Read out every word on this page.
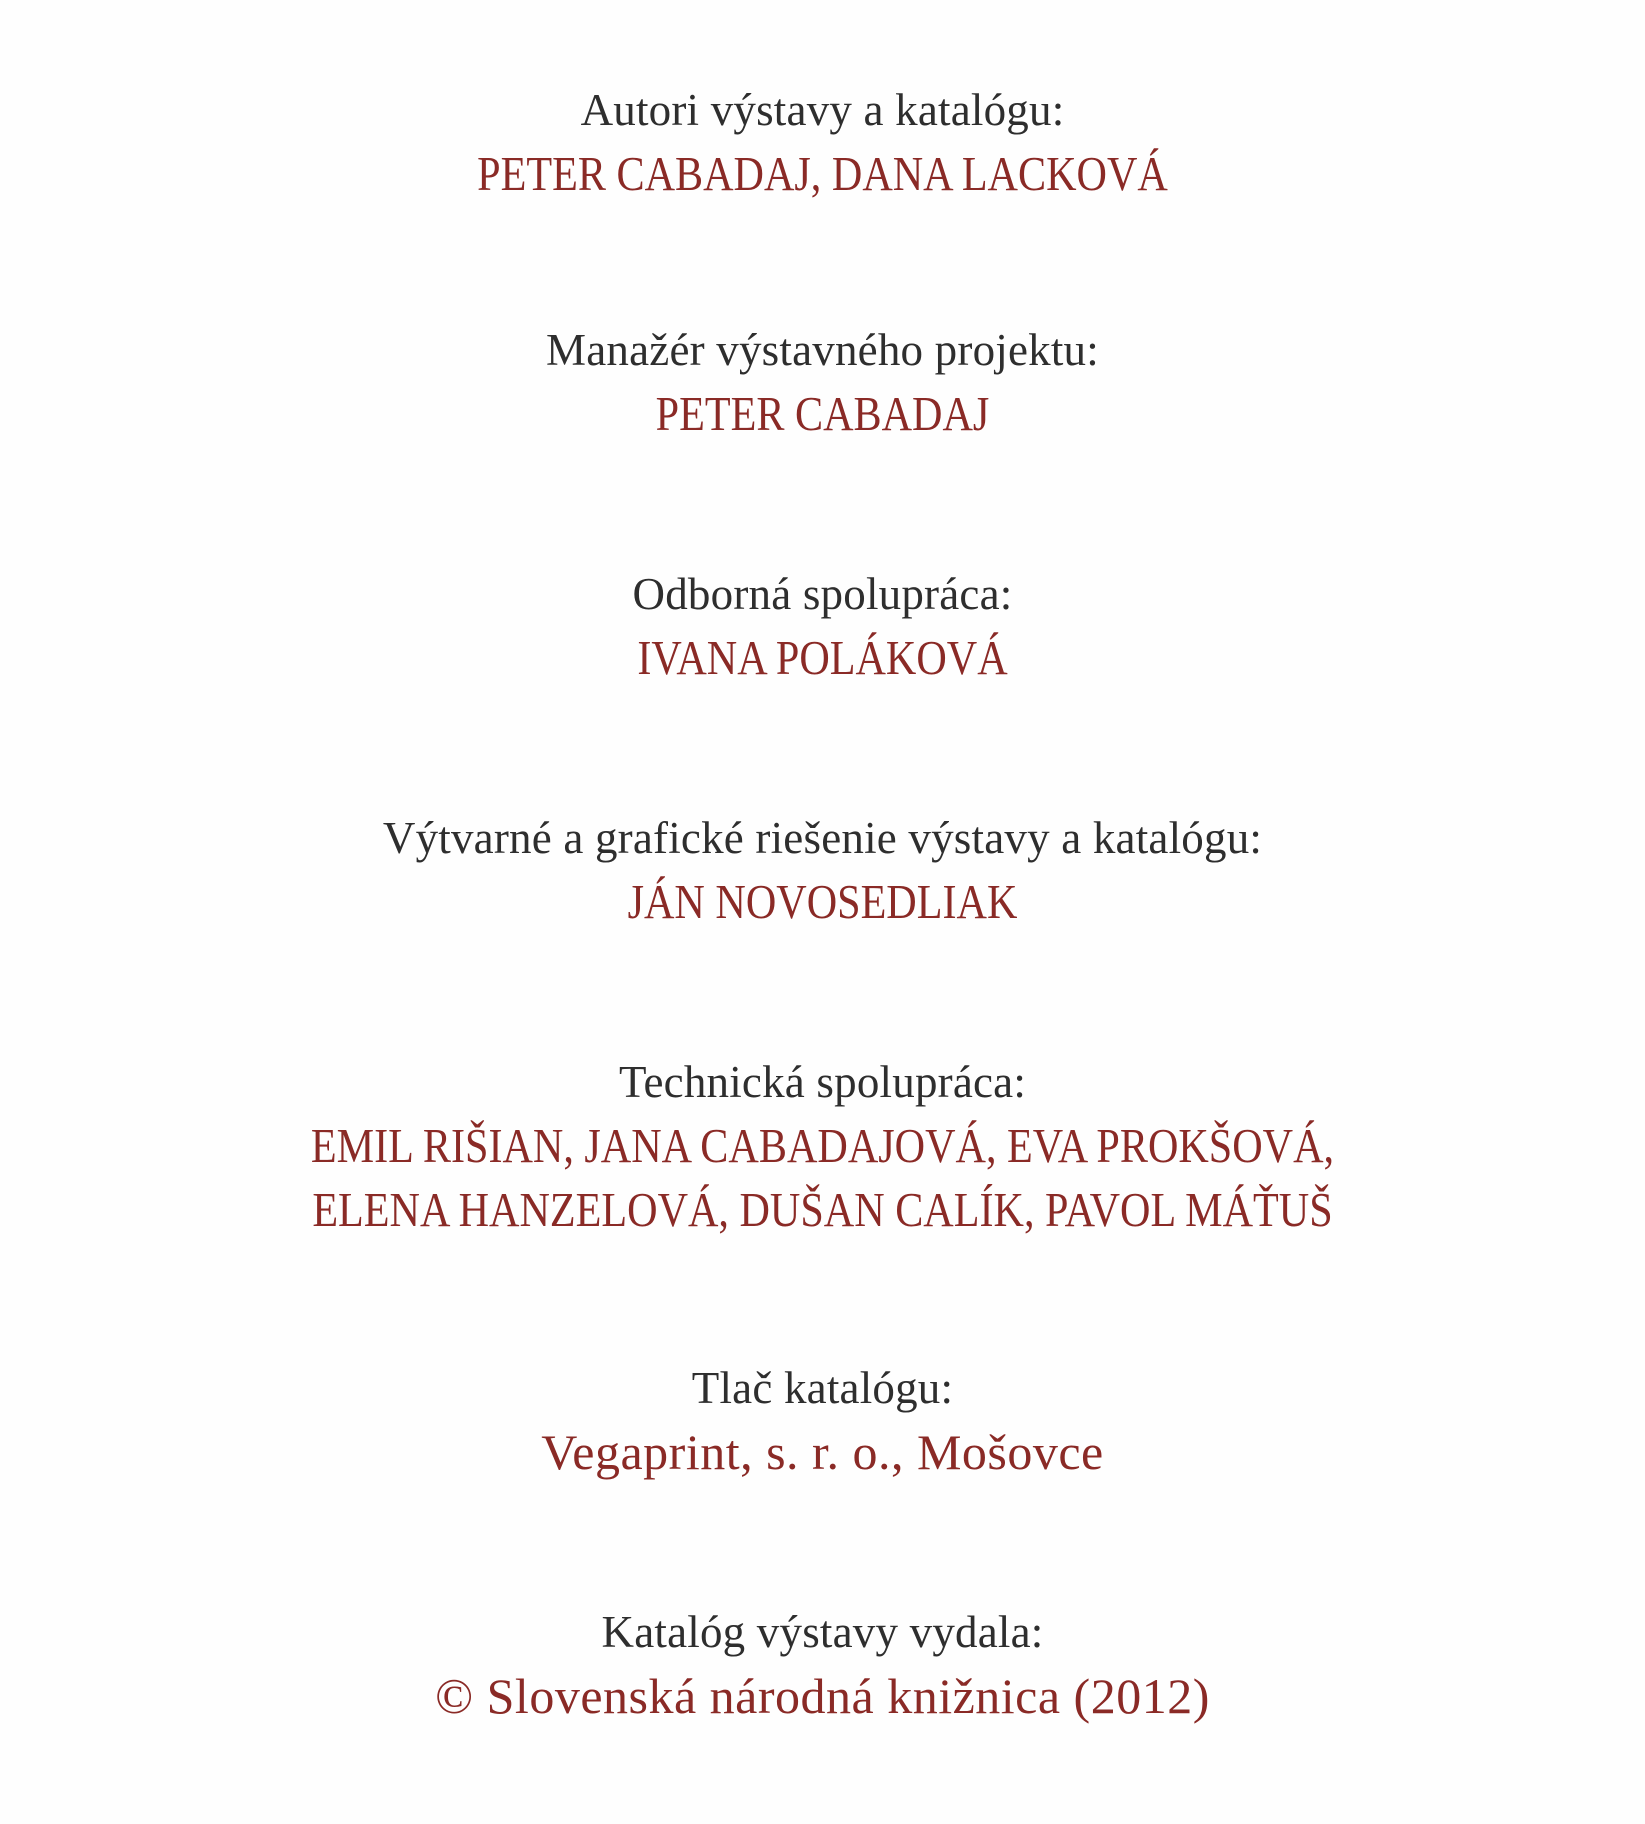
Autori výstavy a katalógu:
PETER CABADAJ, DANA LACKOVÁ
Manažér výstavného projektu:
PETER CABADAJ
Odborná spolupráca:
IVANA POLÁKOVÁ
Výtvarné a grafické riešenie výstavy a katalógu:
JÁN NOVOSEDLIAK
Technická spolupráca:
EMIL RIŠIAN, JANA CABADAJOVÁ, EVA PROKŠOVÁ,
ELENA HANZELOVÁ, DUŠAN CALÍK, PAVOL MÁŤUŠ
Tlač katalógu:
Vegaprint, s. r. o., Mošovce
Katalóg výstavy vydala:
© Slovenská národná knižnica (2012)
